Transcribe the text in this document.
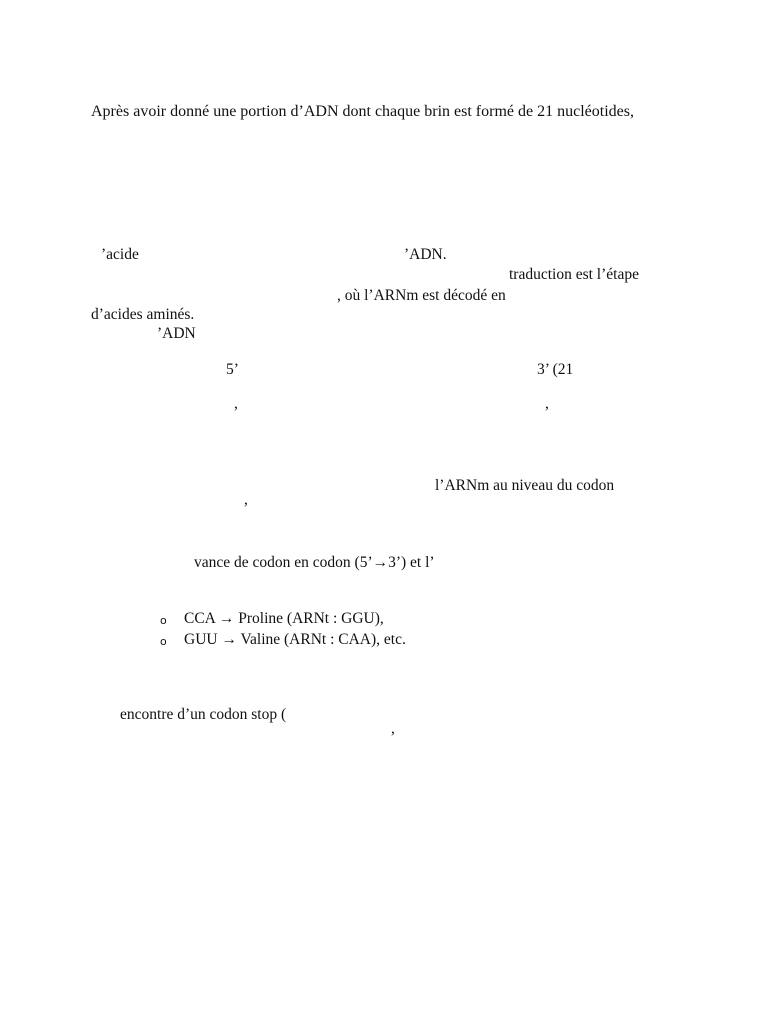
Après avoir donné une portion d’ADN dont chaque brin est formé de 21 nucléotides,
’acide	’ADN.
traduction est l’étape
, où l’ARNm est décodé en
d’acides aminés.
’ADN
5’	3’ (21
,	,
l’ARNm au niveau du codon
,
vance de codon en codon (5’→3’) et l’
o CCA → Proline (ARNt : GGU),
o GUU → Valine (ARNt : CAA), etc.
encontre d’un codon stop (
,
